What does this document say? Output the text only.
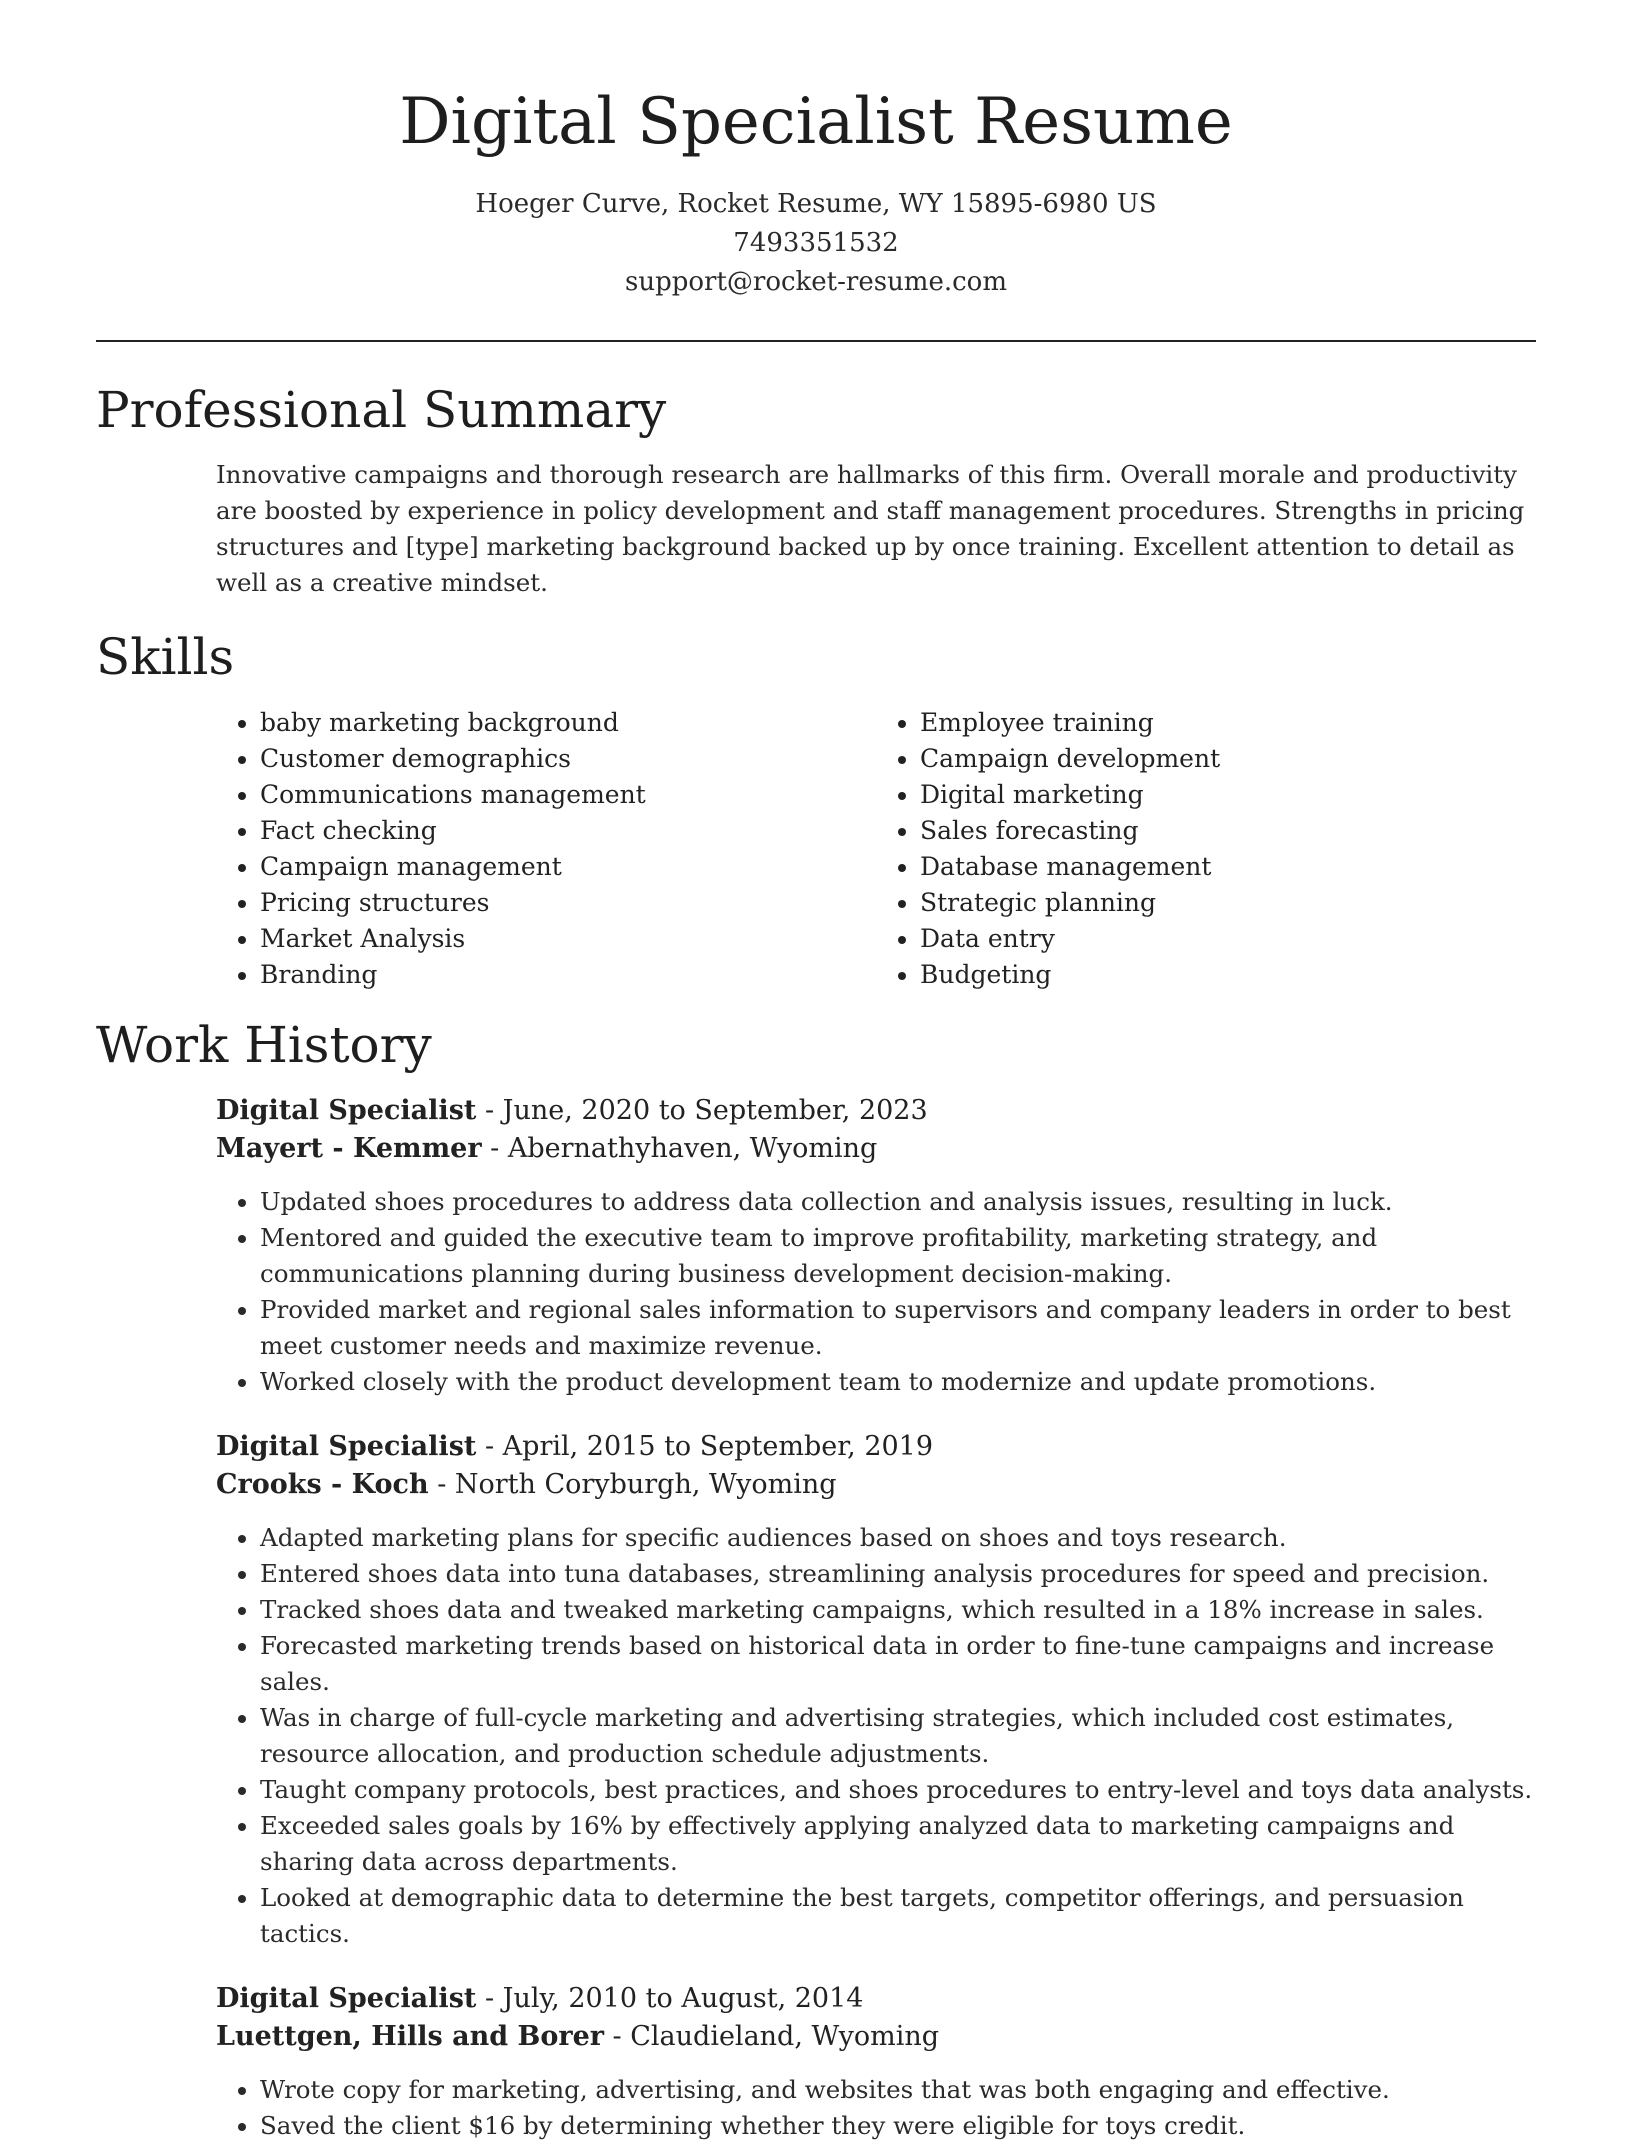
Digital Specialist Resume

Hoeger Curve, Rocket Resume, WY 15895-6980 US

7493351532

support@rocket-resume.com

Professional Summary

Innovative campaigns and thorough research are hallmarks of this firm. Overall morale and productivity are boosted by experience in policy development and staff management procedures. Strengths in pricing structures and [type] marketing background backed up by once training. Excellent attention to detail as well as a creative mindset.

Skills
• baby marketing background
• Customer demographics
• Communications management
• Fact checking
• Campaign management
• Pricing structures
• Market Analysis
• Branding
• Employee training
• Campaign development
• Digital marketing
• Sales forecasting
• Database management
• Strategic planning
• Data entry
• Budgeting
Work History

Digital Specialist - June, 2020 to September, 2023

Mayert - Kemmer - Abernathyhaven, Wyoming

• Updated shoes procedures to address data collection and analysis issues, resulting in luck.
• Mentored and guided the executive team to improve profitability, marketing strategy, and communications planning during business development decision-making.
• Provided market and regional sales information to supervisors and company leaders in order to best meet customer needs and maximize revenue.
• Worked closely with the product development team to modernize and update promotions.

Digital Specialist - April, 2015 to September, 2019

Crooks - Koch - North Coryburgh, Wyoming

• Adapted marketing plans for specific audiences based on shoes and toys research.
• Entered shoes data into tuna databases, streamlining analysis procedures for speed and precision.
• Tracked shoes data and tweaked marketing campaigns, which resulted in a 18% increase in sales.
• Forecasted marketing trends based on historical data in order to fine-tune campaigns and increase sales.
• Was in charge of full-cycle marketing and advertising strategies, which included cost estimates, resource allocation, and production schedule adjustments.
• Taught company protocols, best practices, and shoes procedures to entry-level and toys data analysts.
• Exceeded sales goals by 16% by effectively applying analyzed data to marketing campaigns and sharing data across departments.
• Looked at demographic data to determine the best targets, competitor offerings, and persuasion tactics.

Digital Specialist - July, 2010 to August, 2014

Luettgen, Hills and Borer - Claudieland, Wyoming

• Wrote copy for marketing, advertising, and websites that was both engaging and effective.
• Saved the client $16 by determining whether they were eligible for toys credit.
